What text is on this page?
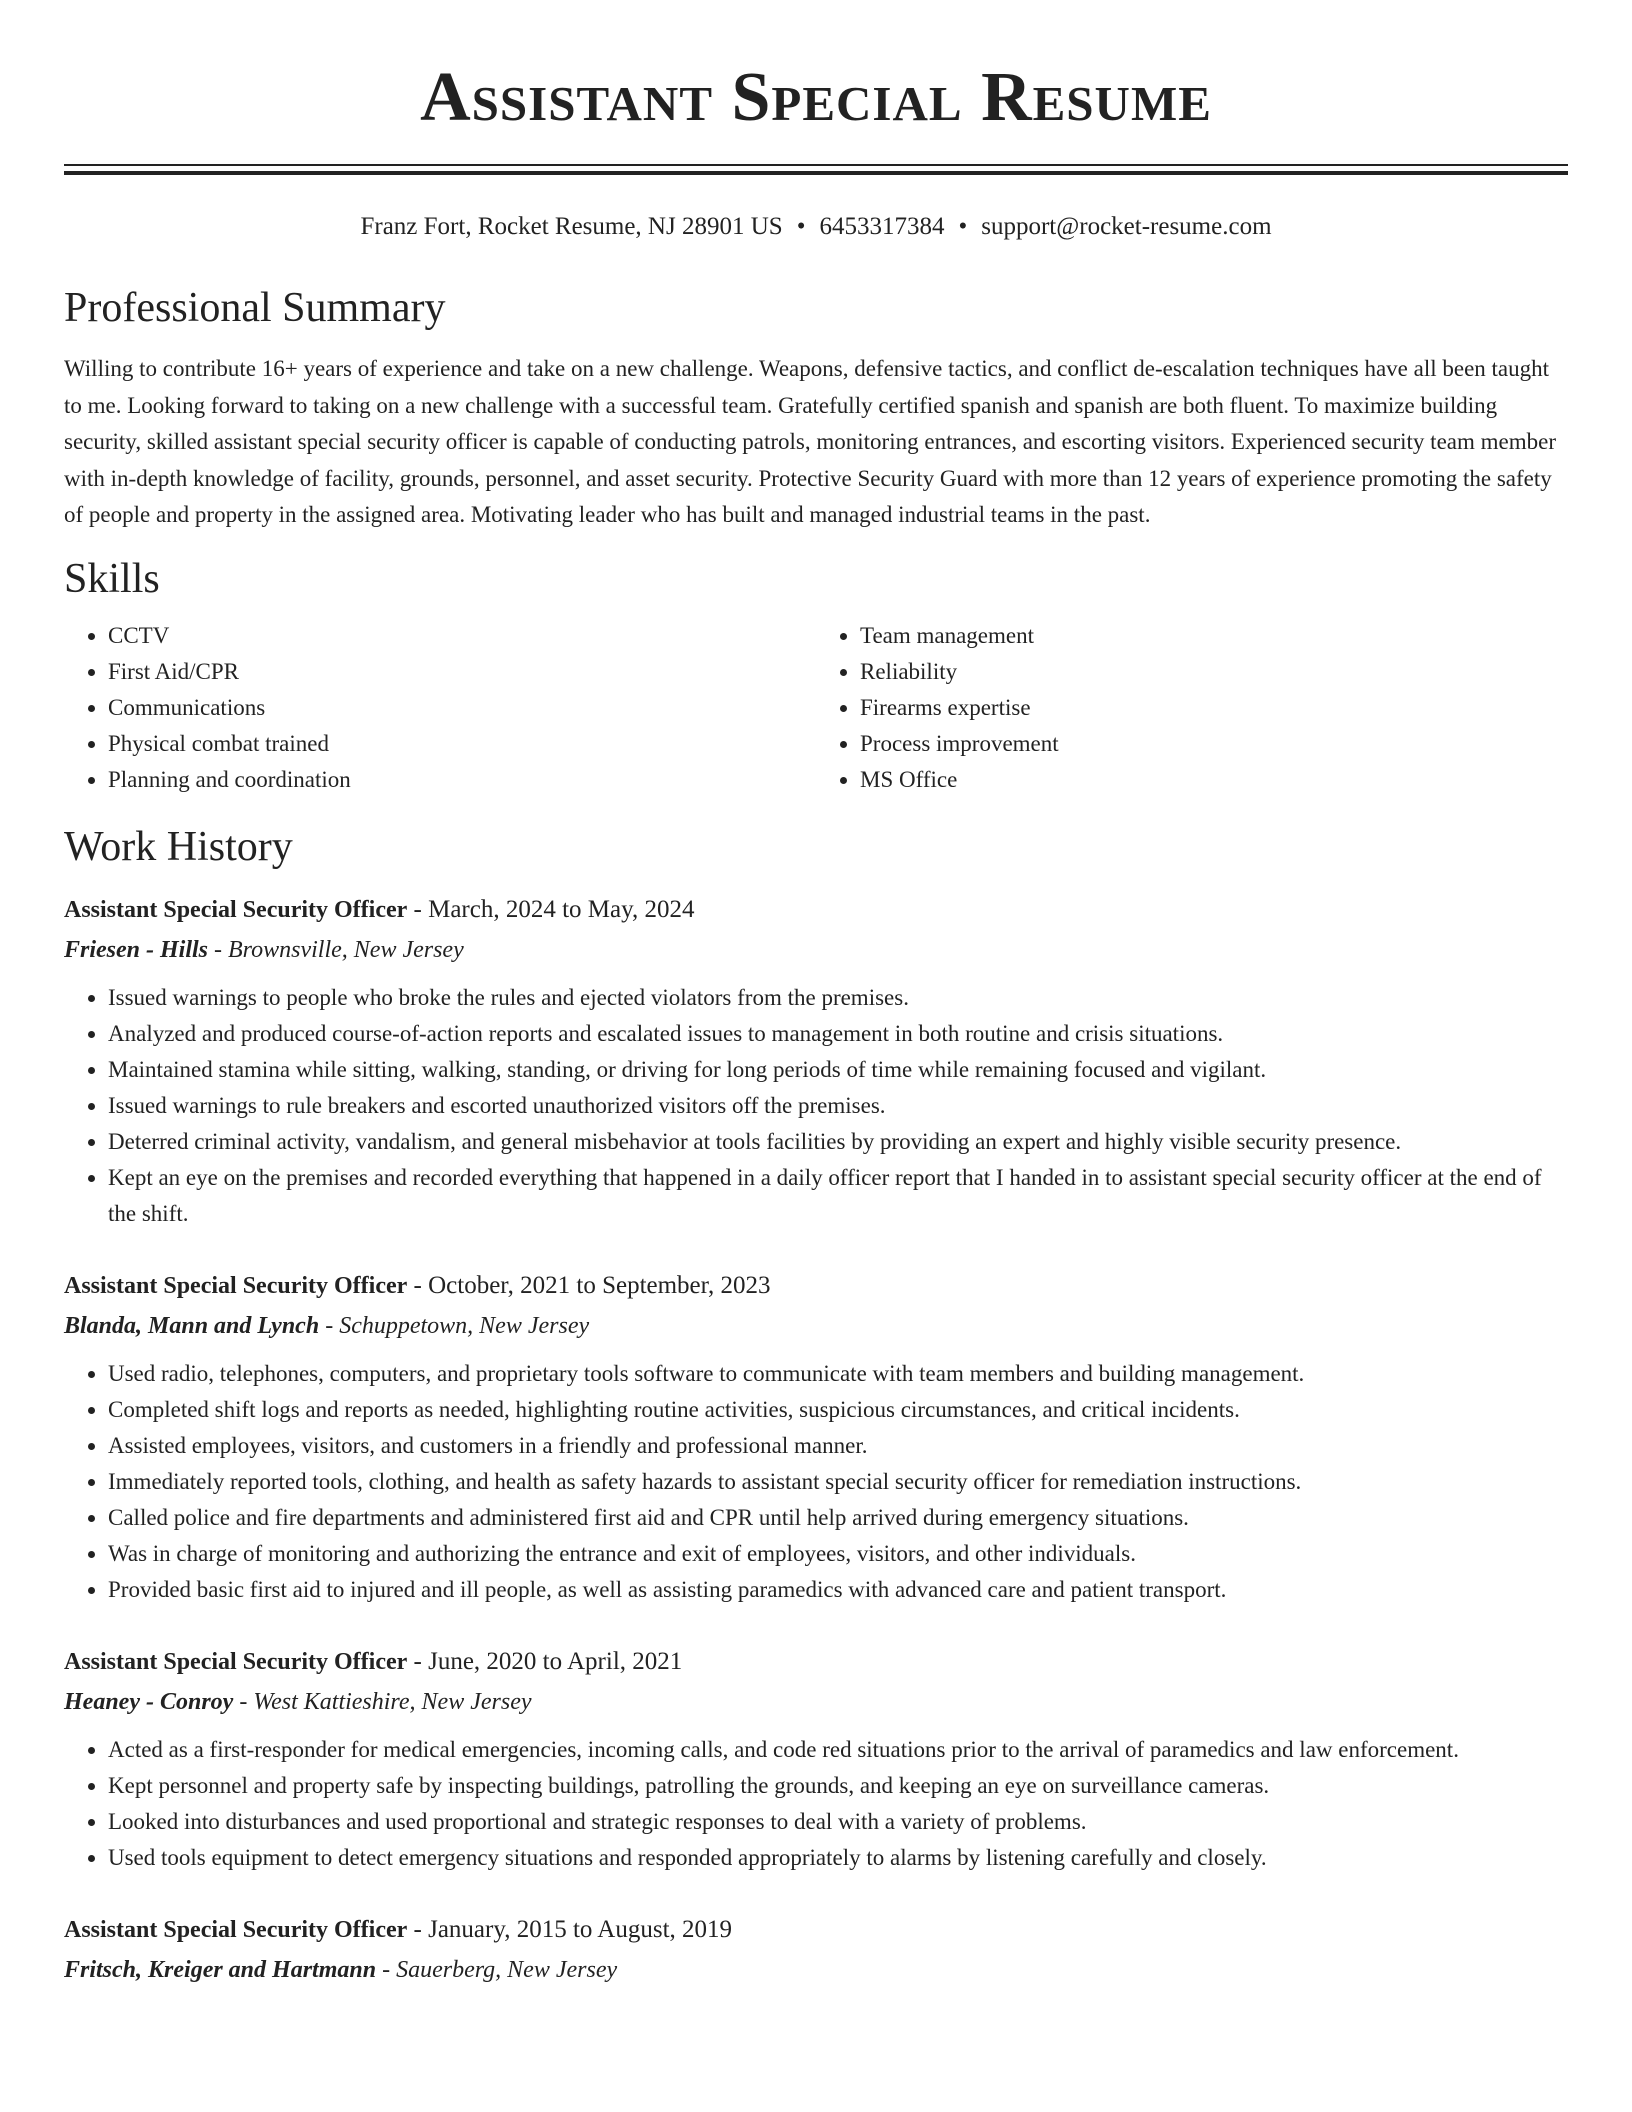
Assistant Special Resume
Franz Fort, Rocket Resume, NJ 28901 US • 6453317384 • support@rocket-resume.com
Professional Summary

Willing to contribute 16+ years of experience and take on a new challenge. Weapons, defensive tactics, and conflict de-escalation techniques have all been taught to me. Looking forward to taking on a new challenge with a successful team. Gratefully certified spanish and spanish are both fluent. To maximize building security, skilled assistant special security officer is capable of conducting patrols, monitoring entrances, and escorting visitors. Experienced security team member with in-depth knowledge of facility, grounds, personnel, and asset security. Protective Security Guard with more than 12 years of experience promoting the safety of people and property in the assigned area. Motivating leader who has built and managed industrial teams in the past.

Skills
• CCTV
• First Aid/CPR
• Communications
• Physical combat trained
• Planning and coordination
• Team management
• Reliability
• Firearms expertise
• Process improvement
• MS Office
Work History
Assistant Special Security Officer - March, 2024 to May, 2024
Friesen - Hills - Brownsville, New Jersey
• Issued warnings to people who broke the rules and ejected violators from the premises.
• Analyzed and produced course-of-action reports and escalated issues to management in both routine and crisis situations.
• Maintained stamina while sitting, walking, standing, or driving for long periods of time while remaining focused and vigilant.
• Issued warnings to rule breakers and escorted unauthorized visitors off the premises.
• Deterred criminal activity, vandalism, and general misbehavior at tools facilities by providing an expert and highly visible security presence.
• Kept an eye on the premises and recorded everything that happened in a daily officer report that I handed in to assistant special security officer at the end of the shift.
Assistant Special Security Officer - October, 2021 to September, 2023
Blanda, Mann and Lynch - Schuppetown, New Jersey
• Used radio, telephones, computers, and proprietary tools software to communicate with team members and building management.
• Completed shift logs and reports as needed, highlighting routine activities, suspicious circumstances, and critical incidents.
• Assisted employees, visitors, and customers in a friendly and professional manner.
• Immediately reported tools, clothing, and health as safety hazards to assistant special security officer for remediation instructions.
• Called police and fire departments and administered first aid and CPR until help arrived during emergency situations.
• Was in charge of monitoring and authorizing the entrance and exit of employees, visitors, and other individuals.
• Provided basic first aid to injured and ill people, as well as assisting paramedics with advanced care and patient transport.
Assistant Special Security Officer - June, 2020 to April, 2021
Heaney - Conroy - West Kattieshire, New Jersey
• Acted as a first-responder for medical emergencies, incoming calls, and code red situations prior to the arrival of paramedics and law enforcement.
• Kept personnel and property safe by inspecting buildings, patrolling the grounds, and keeping an eye on surveillance cameras.
• Looked into disturbances and used proportional and strategic responses to deal with a variety of problems.
• Used tools equipment to detect emergency situations and responded appropriately to alarms by listening carefully and closely.
Assistant Special Security Officer - January, 2015 to August, 2019
Fritsch, Kreiger and Hartmann - Sauerberg, New Jersey
